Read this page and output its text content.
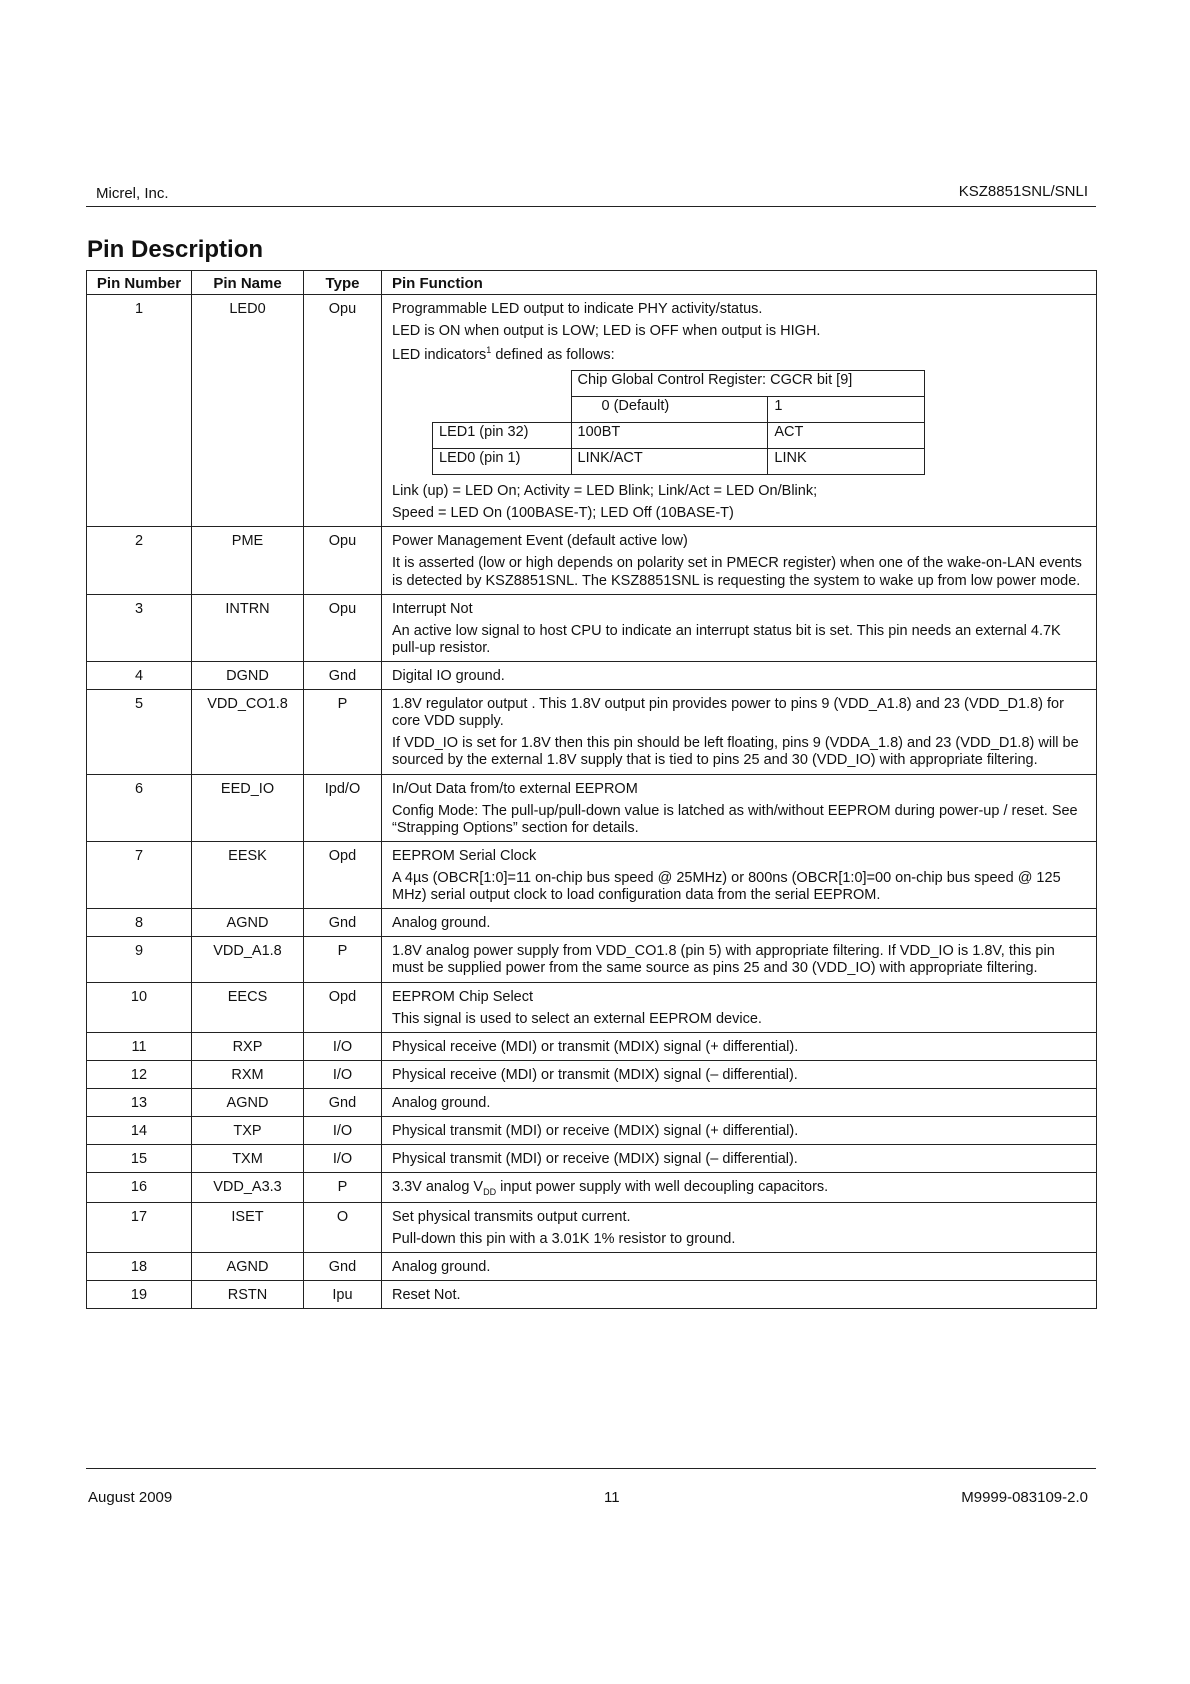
Micrel, Inc.	KSZ8851SNL/SNLI
Pin Description
Pin Number	Pin Name	Type	Pin Function
1	LED0	Opu	Programmable LED output to indicate PHY activity/status.

LED is ON when output is LOW; LED is OFF when output is HIGH.

LED indicators$^1$ defined as follows:

	Chip Global Control Register: CGCR bit [9]
	0 (Default)	1
LED1 (pin 32)	100BT	ACT
LED0 (pin 1)	LINK/ACT	LINK

Link (up) = LED On; Activity = LED Blink; Link/Act = LED On/Blink;

Speed = LED On (100BASE-T); LED Off (10BASE-T)

2	PME	Opu	Power Management Event (default active low)

It is asserted (low or high depends on polarity set in PMECR register) when one of the wake-on-LAN events is detected by KSZ8851SNL. The KSZ8851SNL is requesting the system to wake up from low power mode.

3	INTRN	Opu	Interrupt Not

An active low signal to host CPU to indicate an interrupt status bit is set. This pin needs an external 4.7K pull-up resistor.

4	DGND	Gnd	Digital IO ground.

5	VDD_CO1.8	P	1.8V regulator output . This 1.8V output pin provides power to pins 9 (VDD_A1.8) and 23 (VDD_D1.8) for core VDD supply.

If VDD_IO is set for 1.8V then this pin should be left floating, pins 9 (VDDA_1.8) and 23 (VDD_D1.8) will be sourced by the external 1.8V supply that is tied to pins 25 and 30 (VDD_IO) with appropriate filtering.

6	EED_IO	Ipd/O	In/Out Data from/to external EEPROM

Config Mode: The pull-up/pull-down value is latched as with/without EEPROM during power-up / reset. See “Strapping Options” section for details.

7	EESK	Opd	EEPROM Serial Clock

A 4µs (OBCR[1:0]=11 on-chip bus speed @ 25MHz) or 800ns (OBCR[1:0]=00 on-chip bus speed @ 125 MHz) serial output clock to load configuration data from the serial EEPROM.

8	AGND	Gnd	Analog ground.

9	VDD_A1.8	P	1.8V analog power supply from VDD_CO1.8 (pin 5) with appropriate filtering. If VDD_IO is 1.8V, this pin must be supplied power from the same source as pins 25 and 30 (VDD_IO) with appropriate filtering.

10	EECS	Opd	EEPROM Chip Select

This signal is used to select an external EEPROM device.

11	RXP	I/O	Physical receive (MDI) or transmit (MDIX) signal (+ differential).

12	RXM	I/O	Physical receive (MDI) or transmit (MDIX) signal (– differential).

13	AGND	Gnd	Analog ground.

14	TXP	I/O	Physical transmit (MDI) or receive (MDIX) signal (+ differential).

15	TXM	I/O	Physical transmit (MDI) or receive (MDIX) signal (– differential).

16	VDD_A3.3	P	3.3V analog $V_{DD}$ input power supply with well decoupling capacitors.

17	ISET	O	Set physical transmits output current.

Pull-down this pin with a 3.01K 1% resistor to ground.

18	AGND	Gnd	Analog ground.

19	RSTN	Ipu	Reset Not.

August 2009	11	M9999-083109-2.0
